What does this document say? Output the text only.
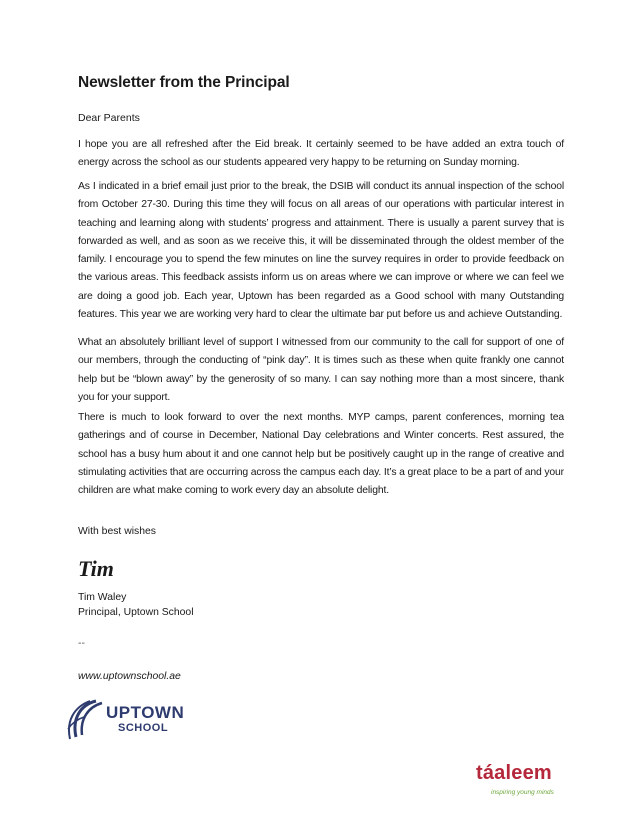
Newsletter from the Principal
Dear Parents

I hope you are all refreshed after the Eid break. It certainly seemed to be have added an extra touch of energy across the school as our students appeared very happy to be returning on Sunday morning.

As I indicated in a brief email just prior to the break, the DSIB will conduct its annual inspection of the school from October 27-30. During this time they will focus on all areas of our operations with particular interest in teaching and learning along with students’ progress and attainment. There is usually a parent survey that is forwarded as well, and as soon as we receive this, it will be disseminated through the oldest member of the family. I encourage you to spend the few minutes on line the survey requires in order to provide feedback on the various areas. This feedback assists inform us on areas where we can improve or where we can feel we are doing a good job. Each year, Uptown has been regarded as a Good school with many Outstanding features. This year we are working very hard to clear the ultimate bar put before us and achieve Outstanding.

What an absolutely brilliant level of support I witnessed from our community to the call for support of one of our members, through the conducting of “pink day”. It is times such as these when quite frankly one cannot help but be “blown away” by the generosity of so many. I can say nothing more than a most sincere, thank you for your support.

There is much to look forward to over the next months. MYP camps, parent conferences, morning tea gatherings and of course in December, National Day celebrations and Winter concerts. Rest assured, the school has a busy hum about it and one cannot help but be positively caught up in the range of creative and stimulating activities that are occurring across the campus each day. It’s a great place to be a part of and your children are what make coming to work every day an absolute delight.

With best wishes
Tim
Tim Waley
Principal, Uptown School
--
www.uptownschool.ae
UPTOWN
SCHOOL
táaleem
inspiring young minds
